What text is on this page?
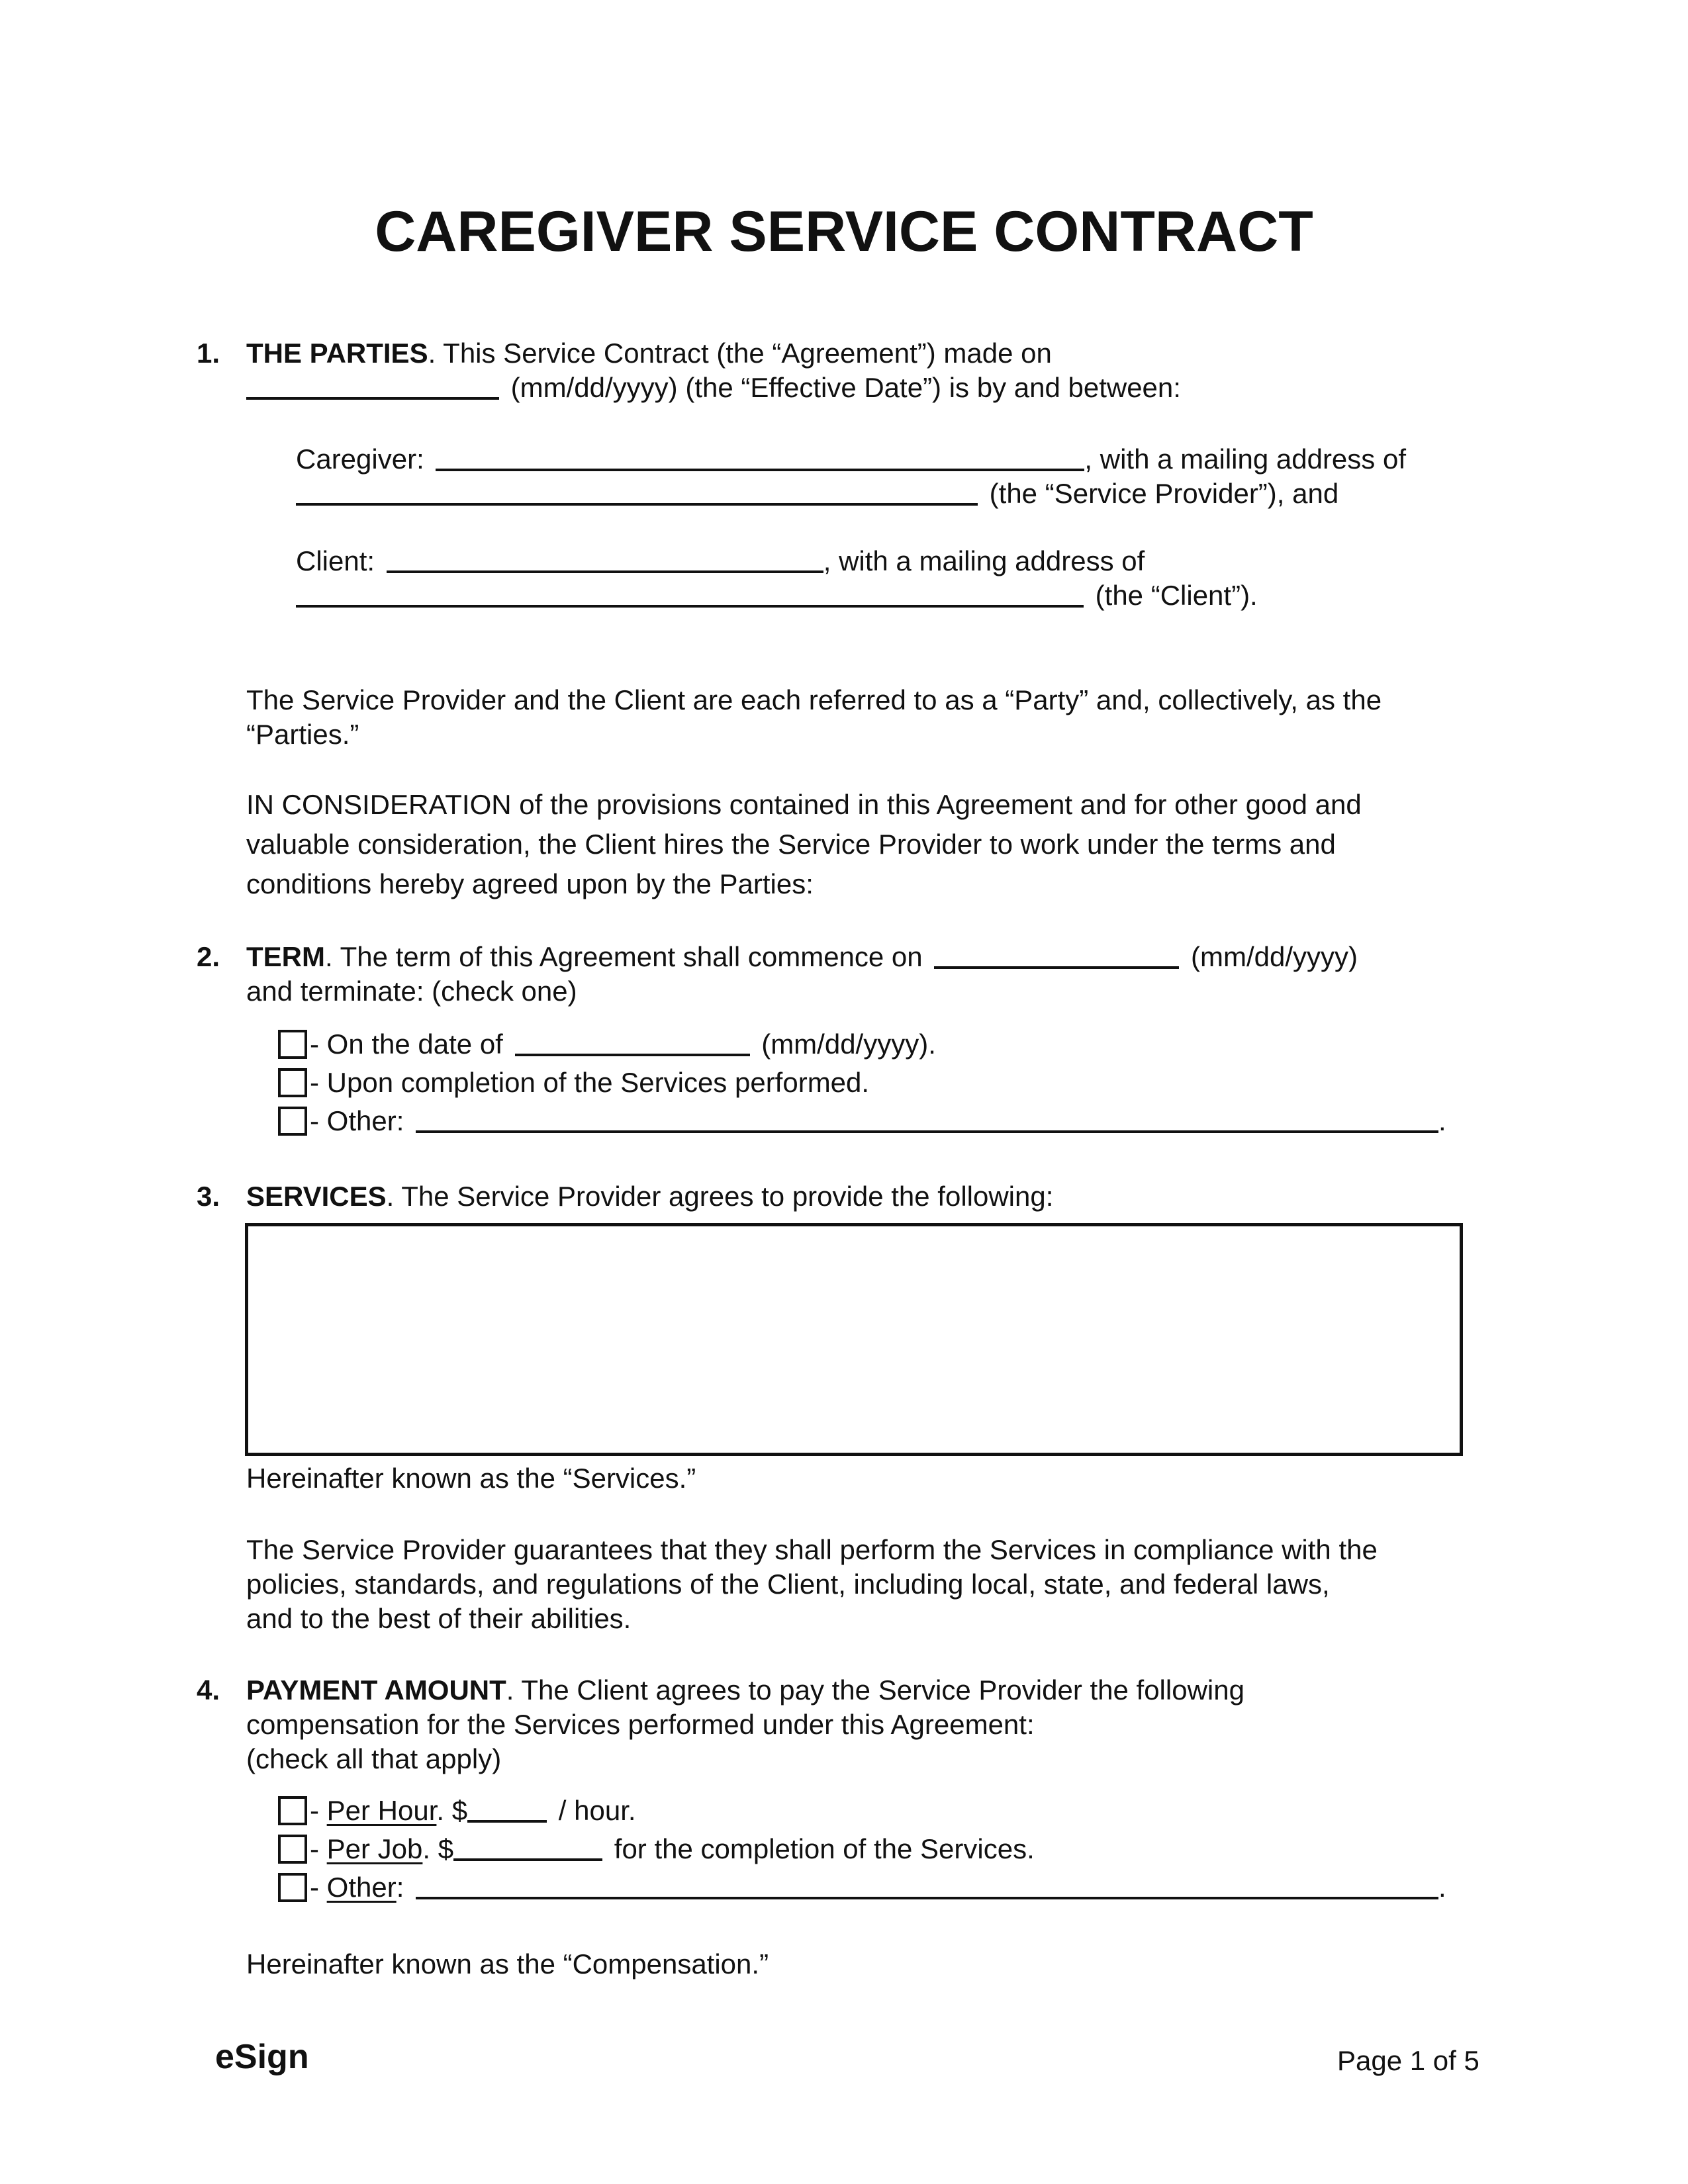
CAREGIVER SERVICE CONTRACT
1. THE PARTIES. This Service Contract (the “Agreement”) made on

(mm/dd/yyyy) (the “Effective Date”) is by and between:

Caregiver:	, with a mailing address of

(the “Service Provider”), and

Client:	, with a mailing address of

(the “Client”).

The Service Provider and the Client are each referred to as a “Party” and, collectively, as the

“Parties.”

IN CONSIDERATION of the provisions contained in this Agreement and for other good and

valuable consideration, the Client hires the Service Provider to work under the terms and

conditions hereby agreed upon by the Parties:

2. TERM. The term of this Agreement shall commence on	(mm/dd/yyyy)

and terminate: (check one)

- On the date of	(mm/dd/yyyy).

- Upon completion of the Services performed.

- Other:	.

3. SERVICES. The Service Provider agrees to provide the following:

Hereinafter known as the “Services.”

The Service Provider guarantees that they shall perform the Services in compliance with the

policies, standards, and regulations of the Client, including local, state, and federal laws,

and to the best of their abilities.

4. PAYMENT AMOUNT. The Client agrees to pay the Service Provider the following

compensation for the Services performed under this Agreement:

(check all that apply)

- Per Hour. $	/ hour.

- Per Job. $	for the completion of the Services.

- Other:	.

Hereinafter known as the “Compensation.”

eSign	Page 1 of 5
